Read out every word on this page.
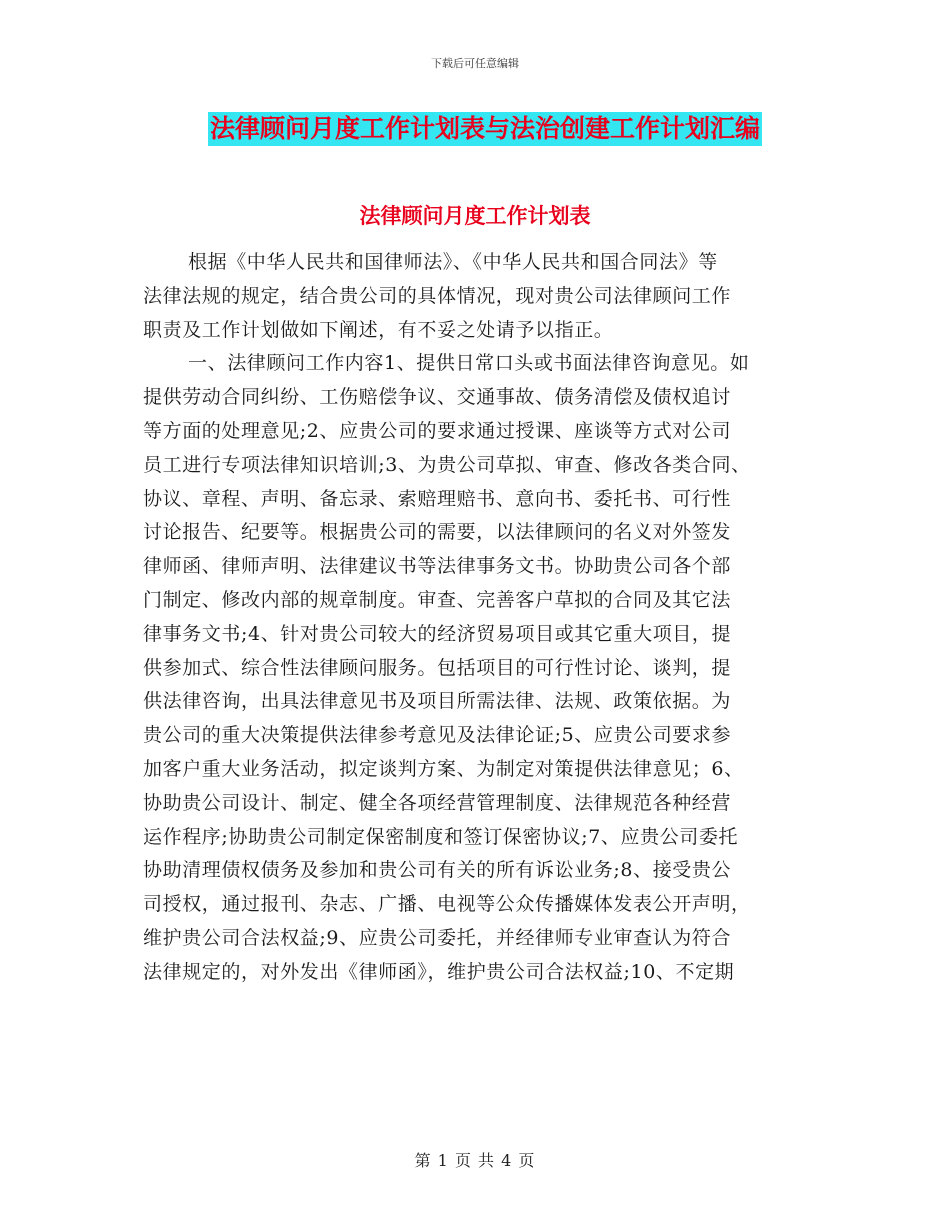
下载后可任意编辑
法律顾问月度工作计划表与法治创建工作计划汇编
法律顾问月度工作计划表
根据《中华人民共和国律师法》、《中华人民共和国合同法》等
法律法规的规定，结合贵公司的具体情况，现对贵公司法律顾问工作
职责及工作计划做如下阐述，有不妥之处请予以指正。
一、法律顾问工作内容1、提供日常口头或书面法律咨询意见。如
提供劳动合同纠纷、工伤赔偿争议、交通事故、债务清偿及债权追讨
等方面的处理意见;2、应贵公司的要求通过授课、座谈等方式对公司
员工进行专项法律知识培训;3、为贵公司草拟、审查、修改各类合同、
协议、章程、声明、备忘录、索赔理赔书、意向书、委托书、可行性
讨论报告、纪要等。根据贵公司的需要，以法律顾问的名义对外签发
律师函、律师声明、法律建议书等法律事务文书。协助贵公司各个部
门制定、修改内部的规章制度。审查、完善客户草拟的合同及其它法
律事务文书;4、针对贵公司较大的经济贸易项目或其它重大项目，提
供参加式、综合性法律顾问服务。包括项目的可行性讨论、谈判，提
供法律咨询，出具法律意见书及项目所需法律、法规、政策依据。为
贵公司的重大决策提供法律参考意见及法律论证;5、应贵公司要求参
加客户重大业务活动，拟定谈判方案、为制定对策提供法律意见；6、
协助贵公司设计、制定、健全各项经营管理制度、法律规范各种经营
运作程序;协助贵公司制定保密制度和签订保密协议;7、应贵公司委托
协助清理债权债务及参加和贵公司有关的所有诉讼业务;8、接受贵公
司授权，通过报刊、杂志、广播、电视等公众传播媒体发表公开声明，
维护贵公司合法权益;9、应贵公司委托，并经律师专业审查认为符合
法律规定的，对外发出《律师函》，维护贵公司合法权益;10、不定期
第 1 页 共 4 页
